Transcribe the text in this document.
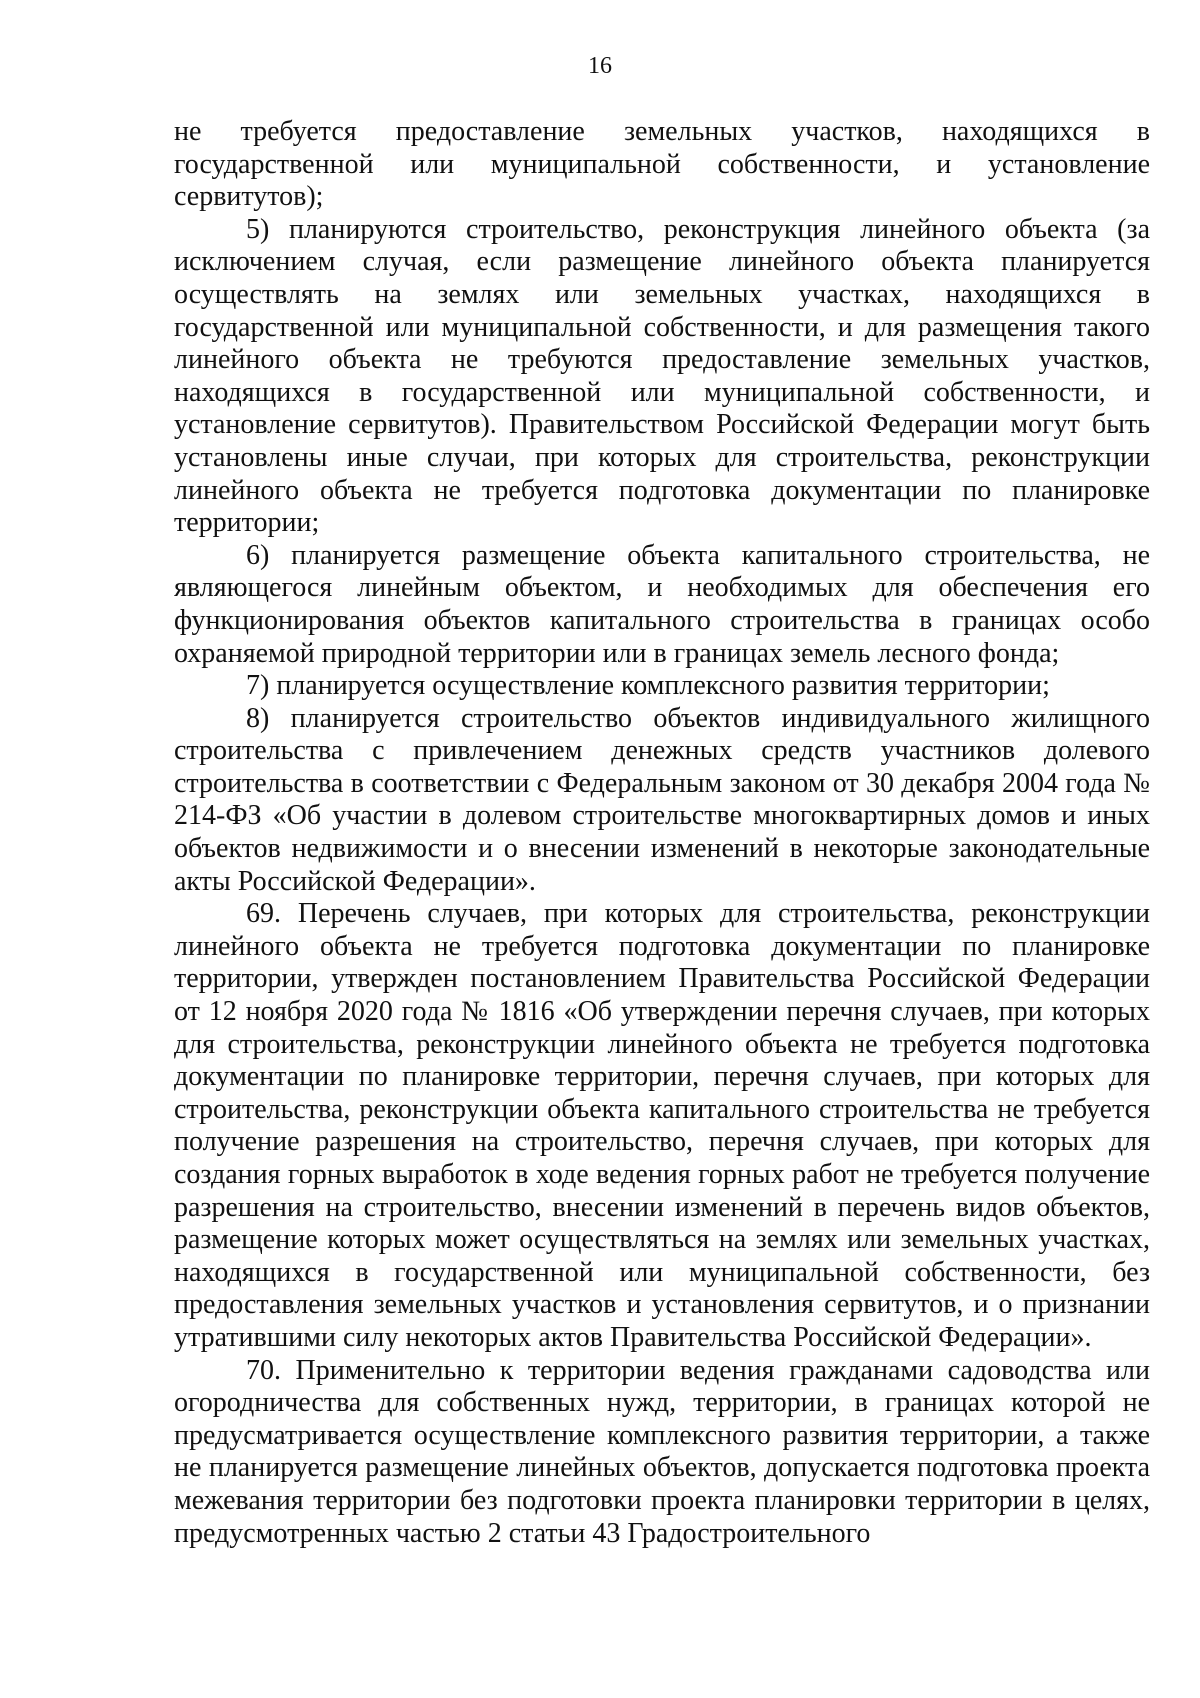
16

не требуется предоставление земельных участков, находящихся в государственной или муниципальной собственности, и установление сервитутов);

5) планируются строительство, реконструкция линейного объекта (за исключением случая, если размещение линейного объекта планируется осуществлять на землях или земельных участках, находящихся в государственной или муниципальной собственности, и для размещения такого линейного объекта не требуются предоставление земельных участков, находящихся в государственной или муниципальной собственности, и установление сервитутов). Правительством Российской Федерации могут быть установлены иные случаи, при которых для строительства, реконструкции линейного объекта не требуется подготовка документации по планировке территории;

6) планируется размещение объекта капитального строительства, не являющегося линейным объектом, и необходимых для обеспечения его функционирования объектов капитального строительства в границах особо охраняемой природной территории или в границах земель лесного фонда;

7) планируется осуществление комплексного развития территории;

8) планируется строительство объектов индивидуального жилищного строительства с привлечением денежных средств участников долевого строительства в соответствии с Федеральным законом от 30 декабря 2004 года № 214-ФЗ «Об участии в долевом строительстве многоквартирных домов и иных объектов недвижимости и о внесении изменений в некоторые законодательные акты Российской Федерации».

69. Перечень случаев, при которых для строительства, реконструкции линейного объекта не требуется подготовка документации по планировке территории, утвержден постановлением Правительства Российской Федерации от 12 ноября 2020 года № 1816 «Об утверждении перечня случаев, при которых для строительства, реконструкции линейного объекта не требуется подготовка документации по планировке территории, перечня случаев, при которых для строительства, реконструкции объекта капитального строительства не требуется получение разрешения на строительство, перечня случаев, при которых для создания горных выработок в ходе ведения горных работ не требуется получение разрешения на строительство, внесении изменений в перечень видов объектов, размещение которых может осуществляться на землях или земельных участках, находящихся в государственной или муниципальной собственности, без предоставления земельных участков и установления сервитутов, и о признании утратившими силу некоторых актов Правительства Российской Федерации».

70. Применительно к территории ведения гражданами садоводства или огородничества для собственных нужд, территории, в границах которой не предусматривается осуществление комплексного развития территории, а также не планируется размещение линейных объектов, допускается подготовка проекта межевания территории без подготовки проекта планировки территории в целях, предусмотренных частью 2 статьи 43 Градостроительного
